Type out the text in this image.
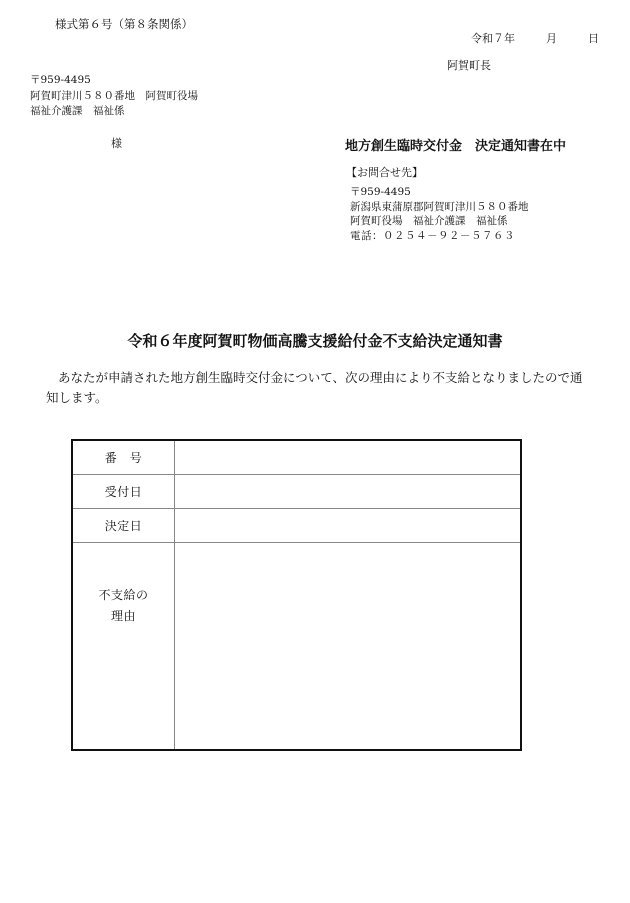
様式第６号（第８条関係）
令和７年	月	日
阿賀町長
〒959-4495
阿賀町津川５８０番地　阿賀町役場
福祉介護課　福祉係
様	地方創生臨時交付金　決定通知書在中
【お問合せ先】
〒959-4495
新潟県東蒲原郡阿賀町津川５８０番地
阿賀町役場　福祉介護課　福祉係
電話：０２５４－９２－５７６３
令和６年度阿賀町物価高騰支援給付金不支給決定通知書
あなたが申請された地方創生臨時交付金について、次の理由により不支給となりましたので通知します。
番　号	
受付日	
決定日	

不支給の
理由	
